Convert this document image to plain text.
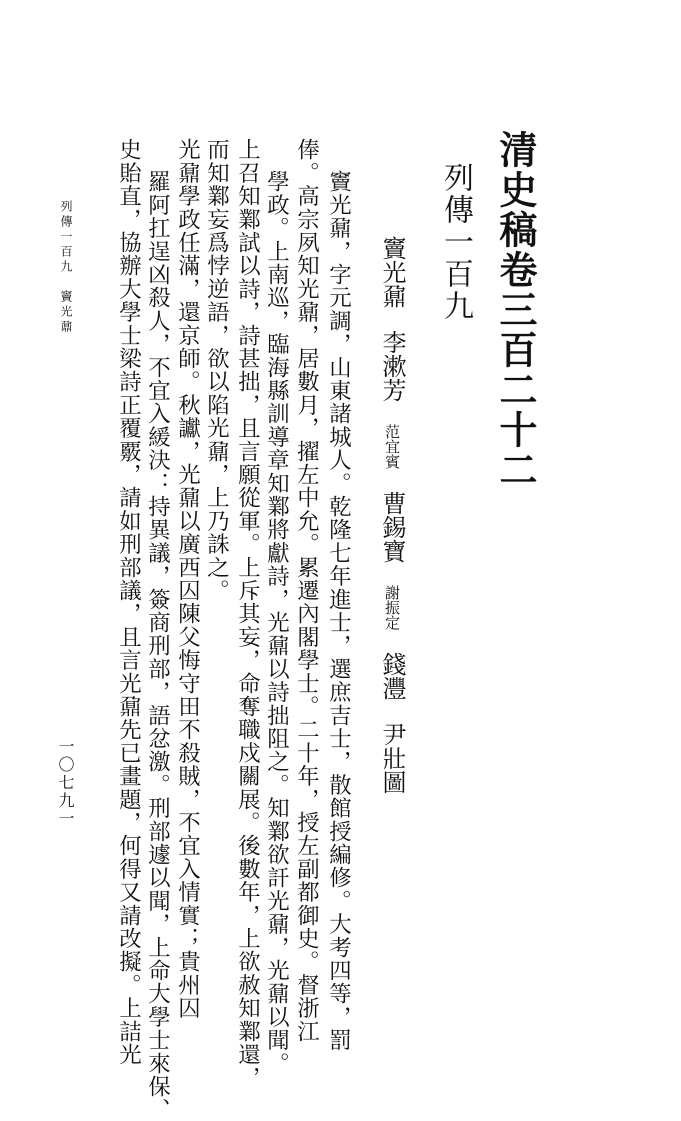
清史稿卷三百二十二
列傳一百九
竇光鼐李漱芳范宜賓曹錫寶謝振定錢灃尹壯圖
竇光鼐，字元調，山東諸城人。乾隆七年進士，選庶吉士，散館授編修。大考四等，罰
俸。高宗夙知光鼐，居數月，擢左中允。累遷內閣學士。二十年，授左副都御史。督浙江
學政。上南巡，臨海縣訓導章知鄴將獻詩，光鼐以詩拙阻之。知鄴欲訐光鼐，光鼐以聞。
上召知鄴試以詩，詩甚拙，且言願從軍。上斥其妄，命奪職戍關展。後數年，上欲赦知鄴還，
而知鄴妄爲悖逆語，欲以陷光鼐，上乃誅之。
光鼐學政任滿，還京師。秋讞，光鼐以廣西囚陳父悔守田不殺賊，不宜入情實；貴州囚
羅阿扛逞凶殺人，不宜入緩決：持異議，簽商刑部，語忿激。刑部遽以聞，上命大學士來保、
史貽直，協辦大學士梁詩正覆覈，請如刑部議，且言光鼐先已畫題，何得又請改擬。上詰光
列傳一百九　竇光鼐
一〇七九一
